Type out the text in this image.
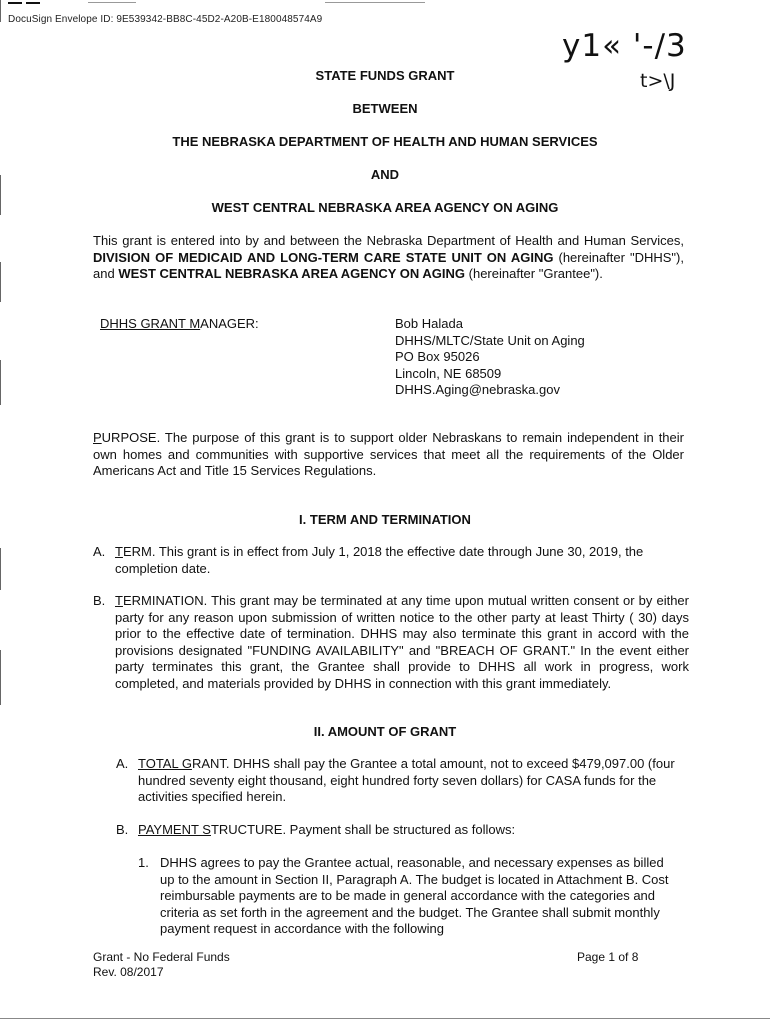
DocuSign Envelope ID: 9E539342-BB8C-45D2-A20B-E180048574A9
y1« '-/3
t>\J
STATE FUNDS GRANT
BETWEEN
THE NEBRASKA DEPARTMENT OF HEALTH AND HUMAN SERVICES
AND
WEST CENTRAL NEBRASKA AREA AGENCY ON AGING
This grant is entered into by and between the Nebraska Department of Health and Human Services, DIVISION OF MEDICAID AND LONG-TERM CARE STATE UNIT ON AGING (hereinafter "DHHS"), and WEST CENTRAL NEBRASKA AREA AGENCY ON AGING (hereinafter "Grantee").
DHHS GRANT MANAGER:	Bob Halada
DHHS/MLTC/State Unit on Aging
PO Box 95026
Lincoln, NE 68509
DHHS.Aging@nebraska.gov
PURPOSE. The purpose of this grant is to support older Nebraskans to remain independent in their own homes and communities with supportive services that meet all the requirements of the Older Americans Act and Title 15 Services Regulations.
I. TERM AND TERMINATION
A. TERM. This grant is in effect from July 1, 2018 the effective date through June 30, 2019, the completion date.
B. TERMINATION. This grant may be terminated at any time upon mutual written consent or by either party for any reason upon submission of written notice to the other party at least Thirty ( 30) days prior to the effective date of termination. DHHS may also terminate this grant in accord with the provisions designated "FUNDING AVAILABILITY" and "BREACH OF GRANT." In the event either party terminates this grant, the Grantee shall provide to DHHS all work in progress, work completed, and materials provided by DHHS in connection with this grant immediately.
II. AMOUNT OF GRANT
A. TOTAL GRANT. DHHS shall pay the Grantee a total amount, not to exceed $479,097.00 (four hundred seventy eight thousand, eight hundred forty seven dollars) for CASA funds for the activities specified herein.
B. PAYMENT STRUCTURE. Payment shall be structured as follows:
1. DHHS agrees to pay the Grantee actual, reasonable, and necessary expenses as billed up to the amount in Section II, Paragraph A. The budget is located in Attachment B. Cost reimbursable payments are to be made in general accordance with the categories and criteria as set forth in the agreement and the budget. The Grantee shall submit monthly payment request in accordance with the following
Grant - No Federal Funds
Rev. 08/2017
Page 1 of 8
